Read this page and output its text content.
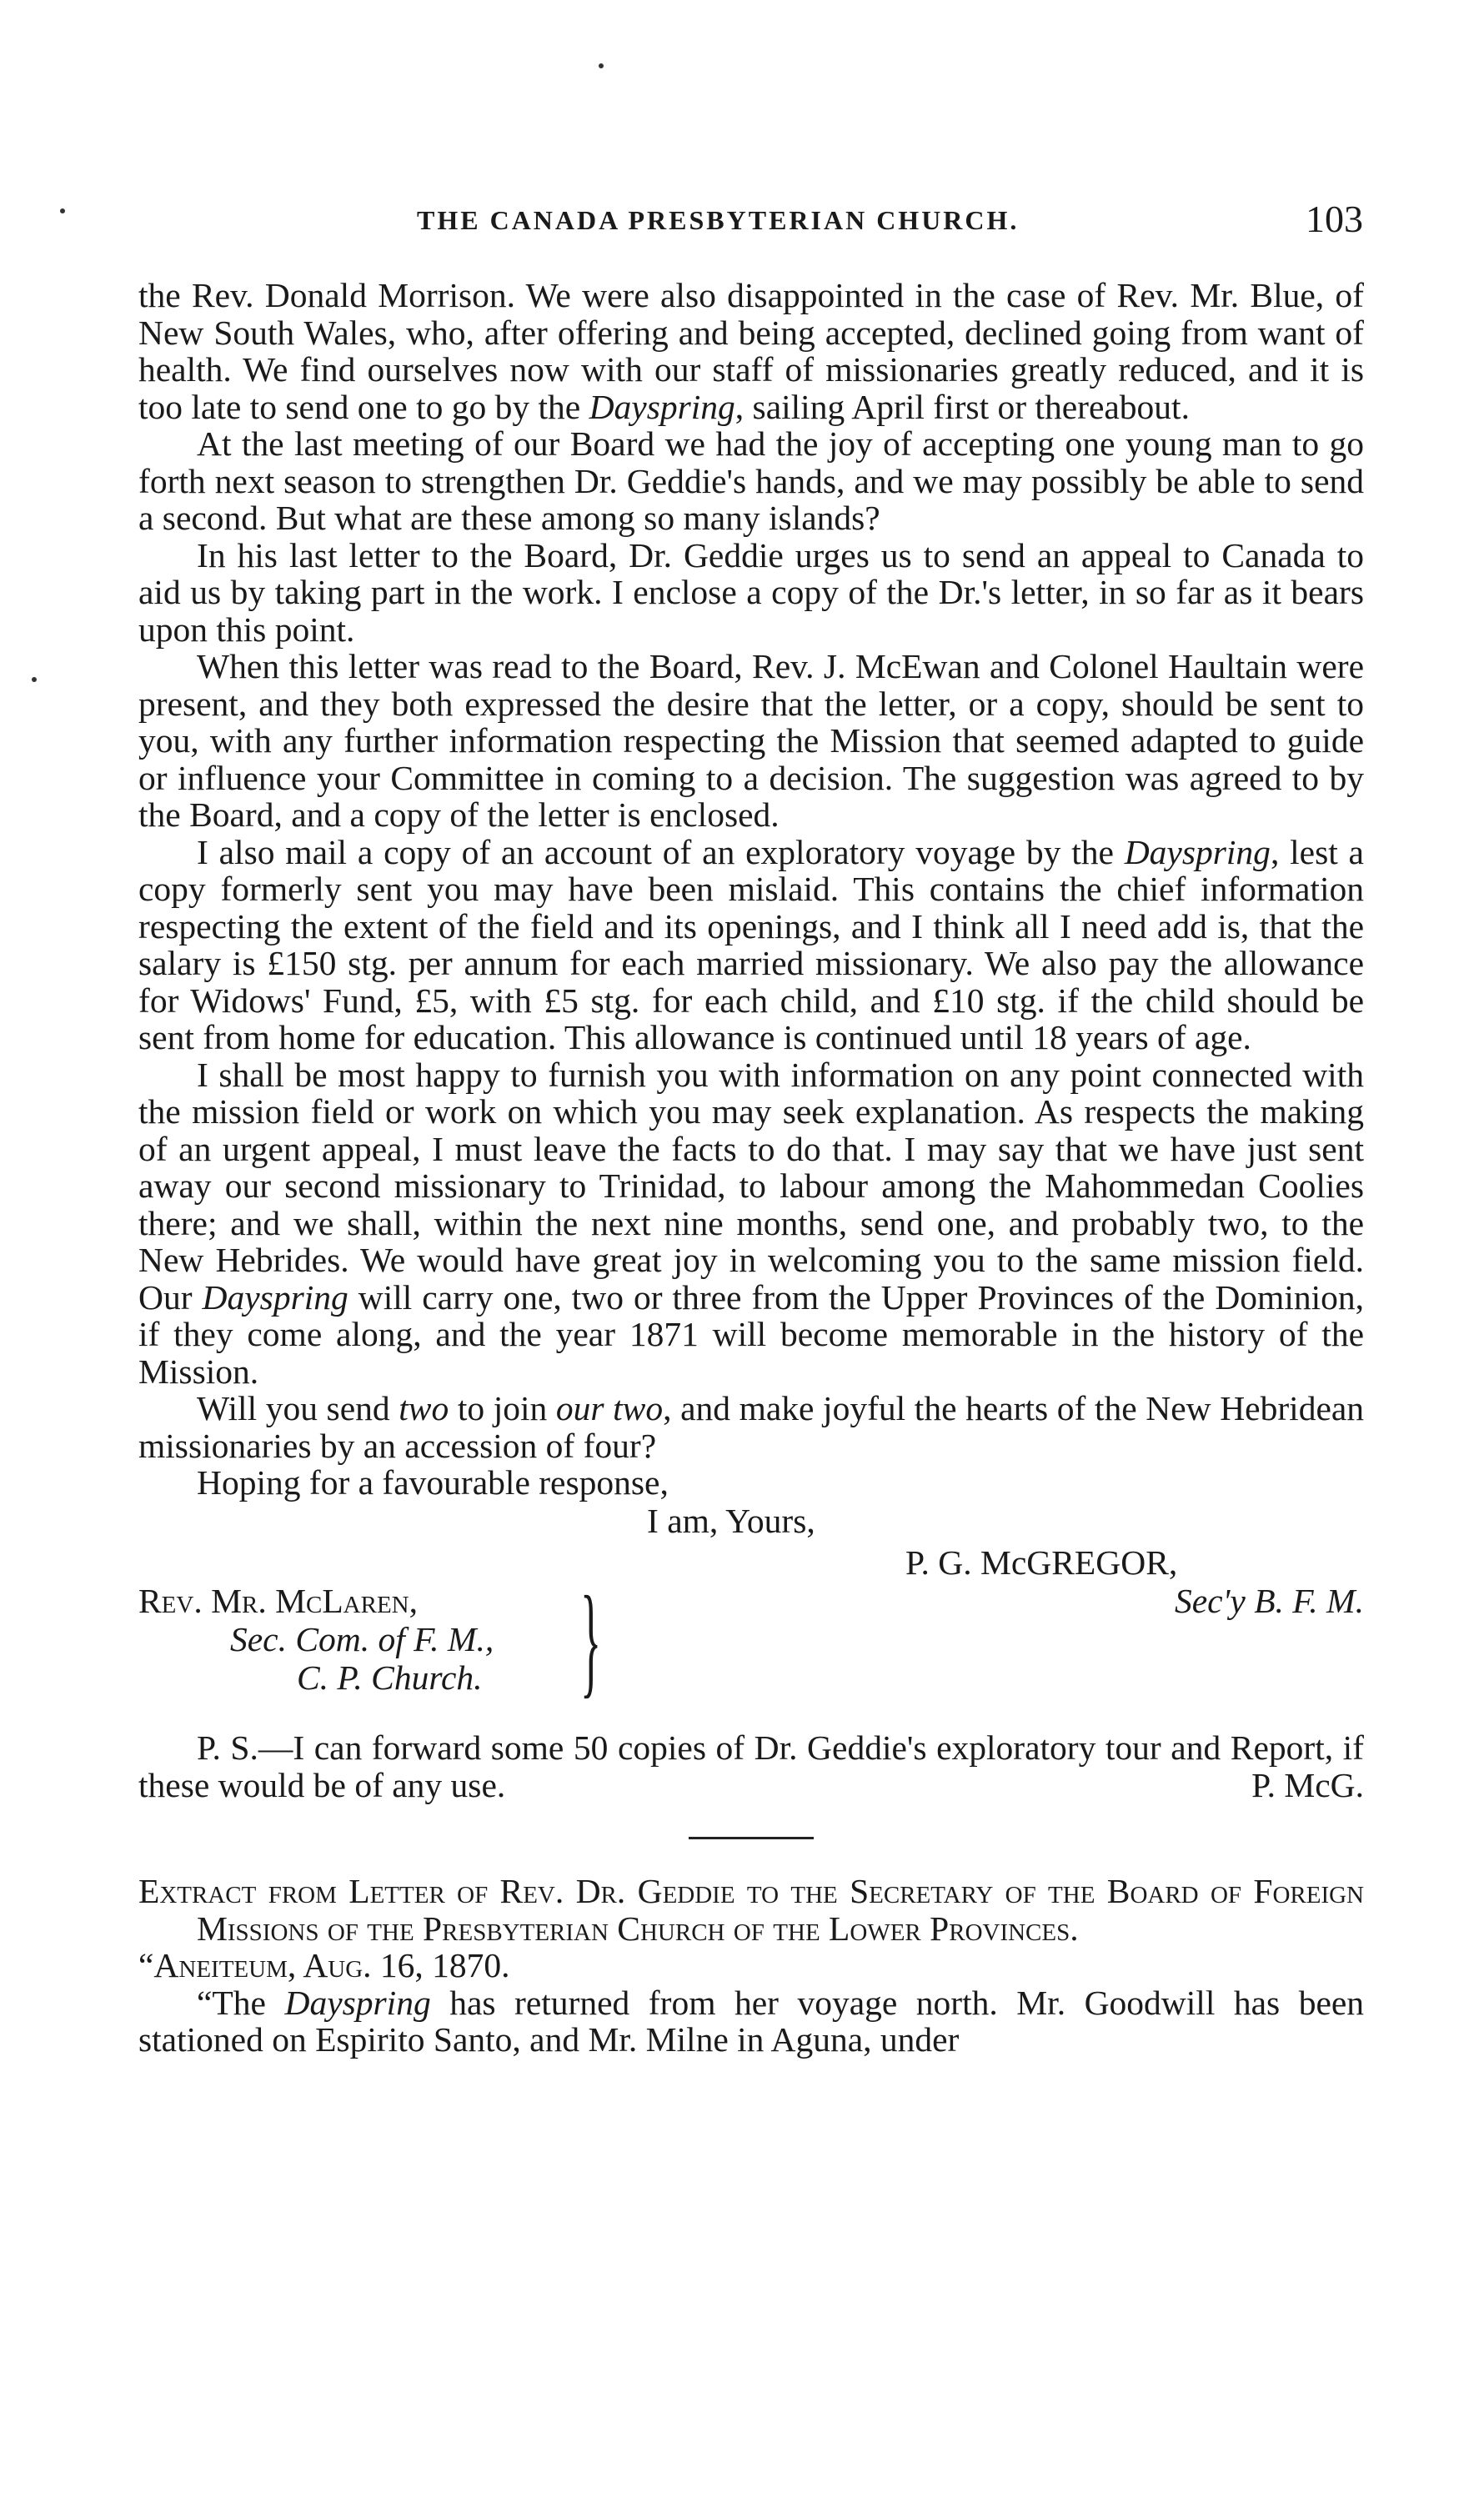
THE CANADA PRESBYTERIAN CHURCH.	103

the Rev. Donald Morrison. We were also disappointed in the case of Rev. Mr. Blue, of New South Wales, who, after offering and being accepted, declined going from want of health. We find ourselves now with our staff of missionaries greatly reduced, and it is too late to send one to go by the Dayspring, sailing April first or thereabout.

At the last meeting of our Board we had the joy of accepting one young man to go forth next season to strengthen Dr. Geddie's hands, and we may possibly be able to send a second. But what are these among so many islands?

In his last letter to the Board, Dr. Geddie urges us to send an appeal to Canada to aid us by taking part in the work. I enclose a copy of the Dr.'s letter, in so far as it bears upon this point.

When this letter was read to the Board, Rev. J. McEwan and Colonel Haultain were present, and they both expressed the desire that the letter, or a copy, should be sent to you, with any further information respecting the Mission that seemed adapted to guide or influence your Committee in coming to a decision. The suggestion was agreed to by the Board, and a copy of the letter is enclosed.

I also mail a copy of an account of an exploratory voyage by the Dayspring, lest a copy formerly sent you may have been mislaid. This contains the chief information respecting the extent of the field and its openings, and I think all I need add is, that the salary is £150 stg. per annum for each married missionary. We also pay the allowance for Widows' Fund, £5, with £5 stg. for each child, and £10 stg. if the child should be sent from home for education. This allowance is continued until 18 years of age.

I shall be most happy to furnish you with information on any point connected with the mission field or work on which you may seek explanation. As respects the making of an urgent appeal, I must leave the facts to do that. I may say that we have just sent away our second missionary to Trinidad, to labour among the Mahommedan Coolies there; and we shall, within the next nine months, send one, and probably two, to the New Hebrides. We would have great joy in welcoming you to the same mission field. Our Dayspring will carry one, two or three from the Upper Provinces of the Dominion, if they come along, and the year 1871 will become memorable in the history of the Mission.

Will you send two to join our two, and make joyful the hearts of the New Hebridean missionaries by an accession of four?

Hoping for a favourable response,
I am, Yours,
P. G. McGREGOR,
Sec'y B. F. M.
Rev. Mr. McLaren,
Sec. Com. of F. M.,
C. P. Church. }

P. S.—I can forward some 50 copies of Dr. Geddie's exploratory tour and Report, if these would be of any use.	P. McG.

Extract from Letter of Rev. Dr. Geddie to the Secretary of the Board of Foreign Missions of the Presbyterian Church of the Lower Provinces.

“Aneiteum, Aug. 16, 1870.

“The Dayspring has returned from her voyage north. Mr. Goodwill has been stationed on Espirito Santo, and Mr. Milne in Aguna, under
